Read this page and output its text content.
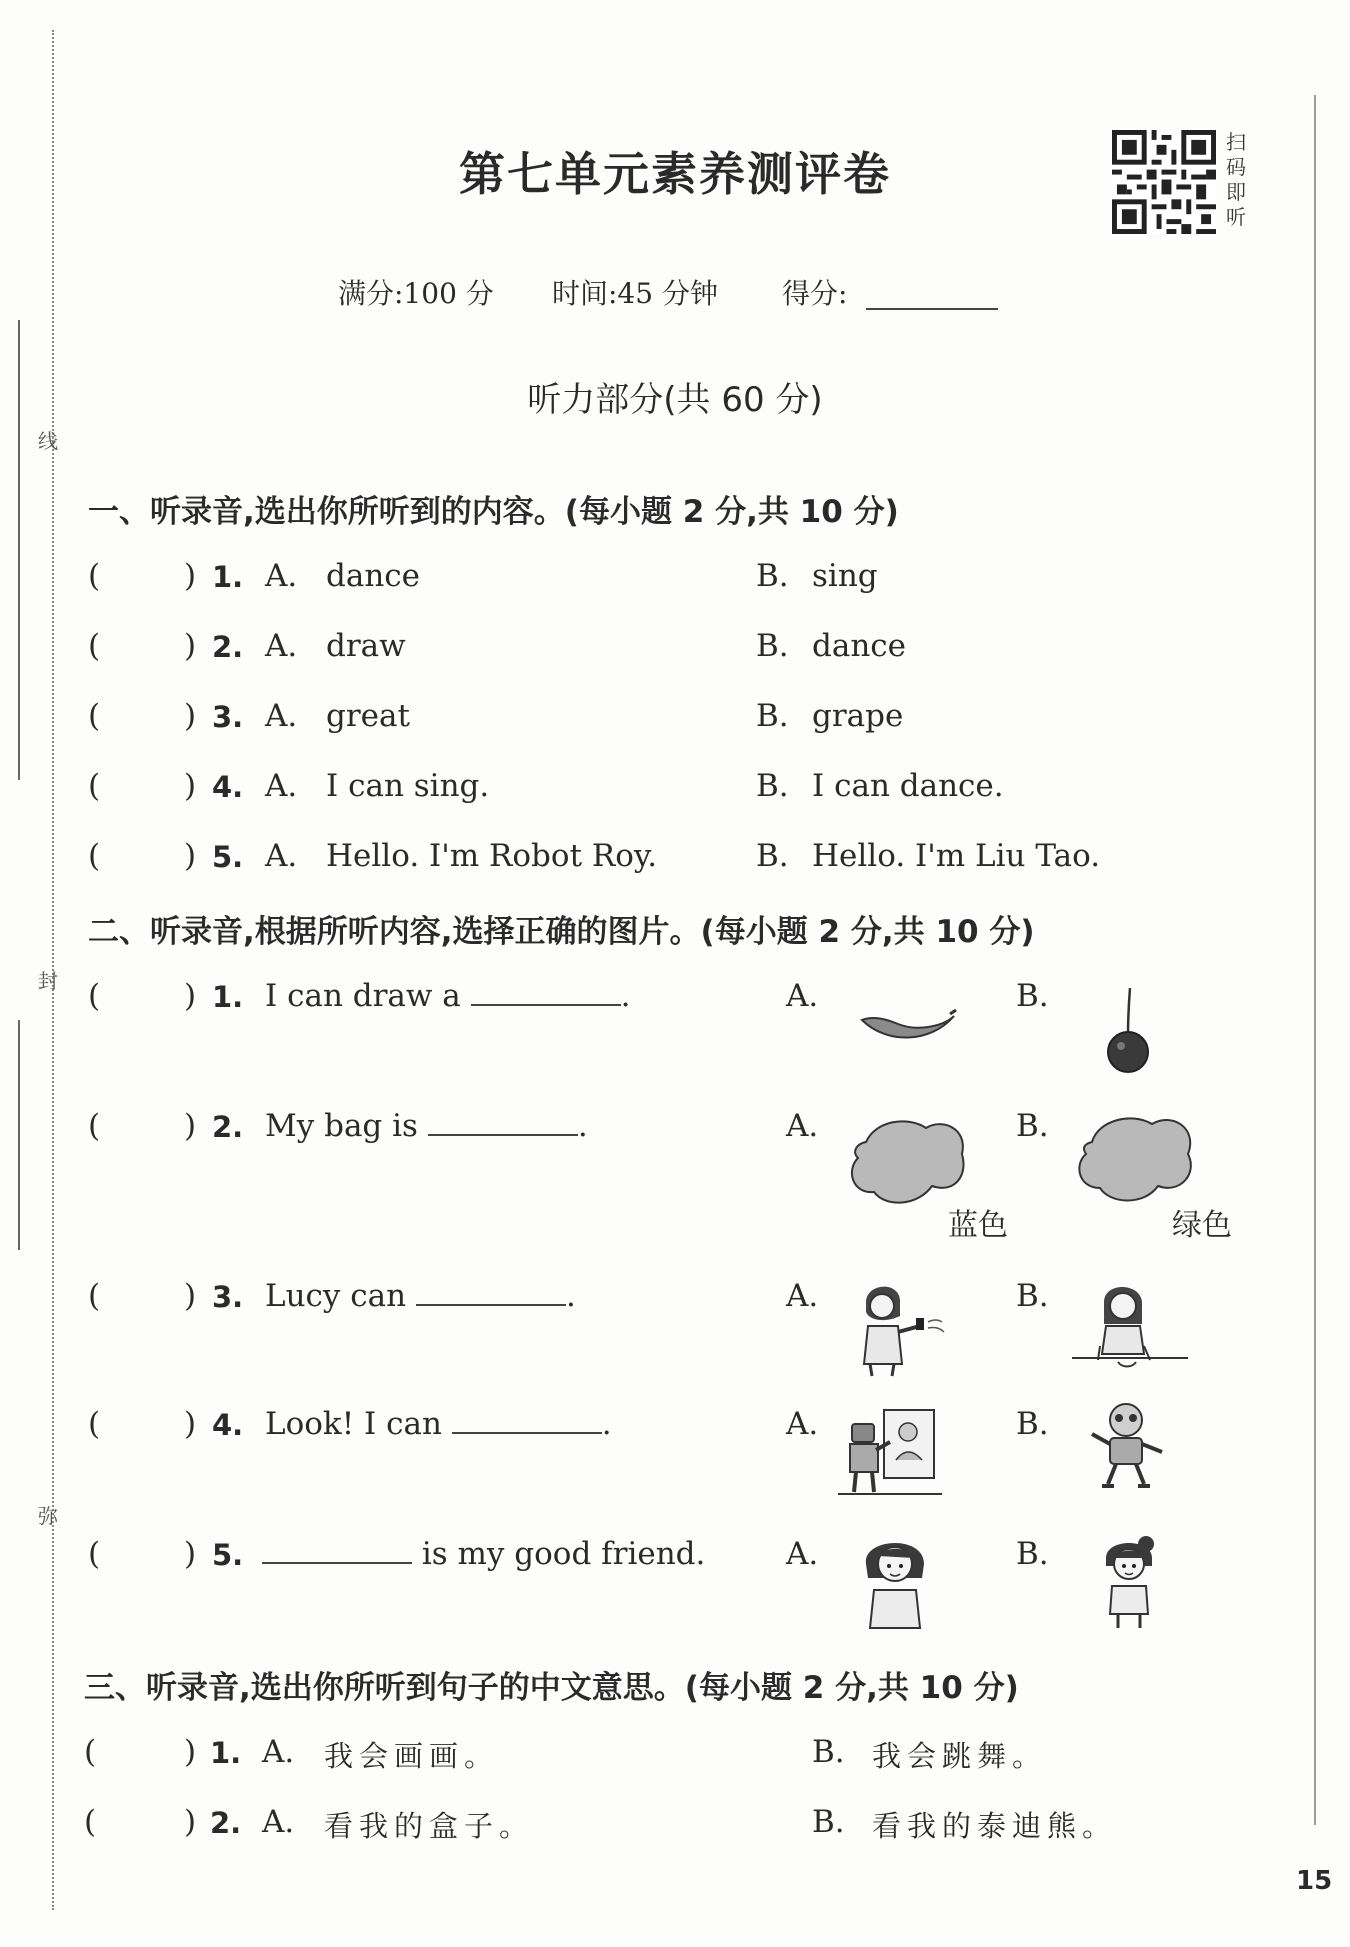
线
封
弥
第七单元素养测评卷
扫
码
即
听
满分:100 分 时间:45 分钟 得分:
听力部分(共 60 分)
一、听录音,选出你所听到的内容。(每小题 2 分,共 10 分)
(	) 1. A. dance	B. sing
(	) 2. A. draw	B. dance
(	) 3. A. great	B. grape
(	) 4. A. I can sing.	B. I can dance.
(	) 5. A. Hello. I'm Robot Roy.	B. Hello. I'm Liu Tao.
二、听录音,根据所听内容,选择正确的图片。(每小题 2 分,共 10 分)
(	) 1. I can draw a	.	A.	B.
(	) 2. My bag is	.	A.	B.
蓝色	绿色
(	) 3. Lucy can	.	A.	B.
(	) 4. Look! I can	.	A.	B.
(	) 5.	is my good friend.	A.	B.
三、听录音,选出你所听到句子的中文意思。(每小题 2 分,共 10 分)
(	) 1. A. 我会画画。	B. 我会跳舞。
(	) 2. A. 看我的盒子。	B. 看我的泰迪熊。
15
